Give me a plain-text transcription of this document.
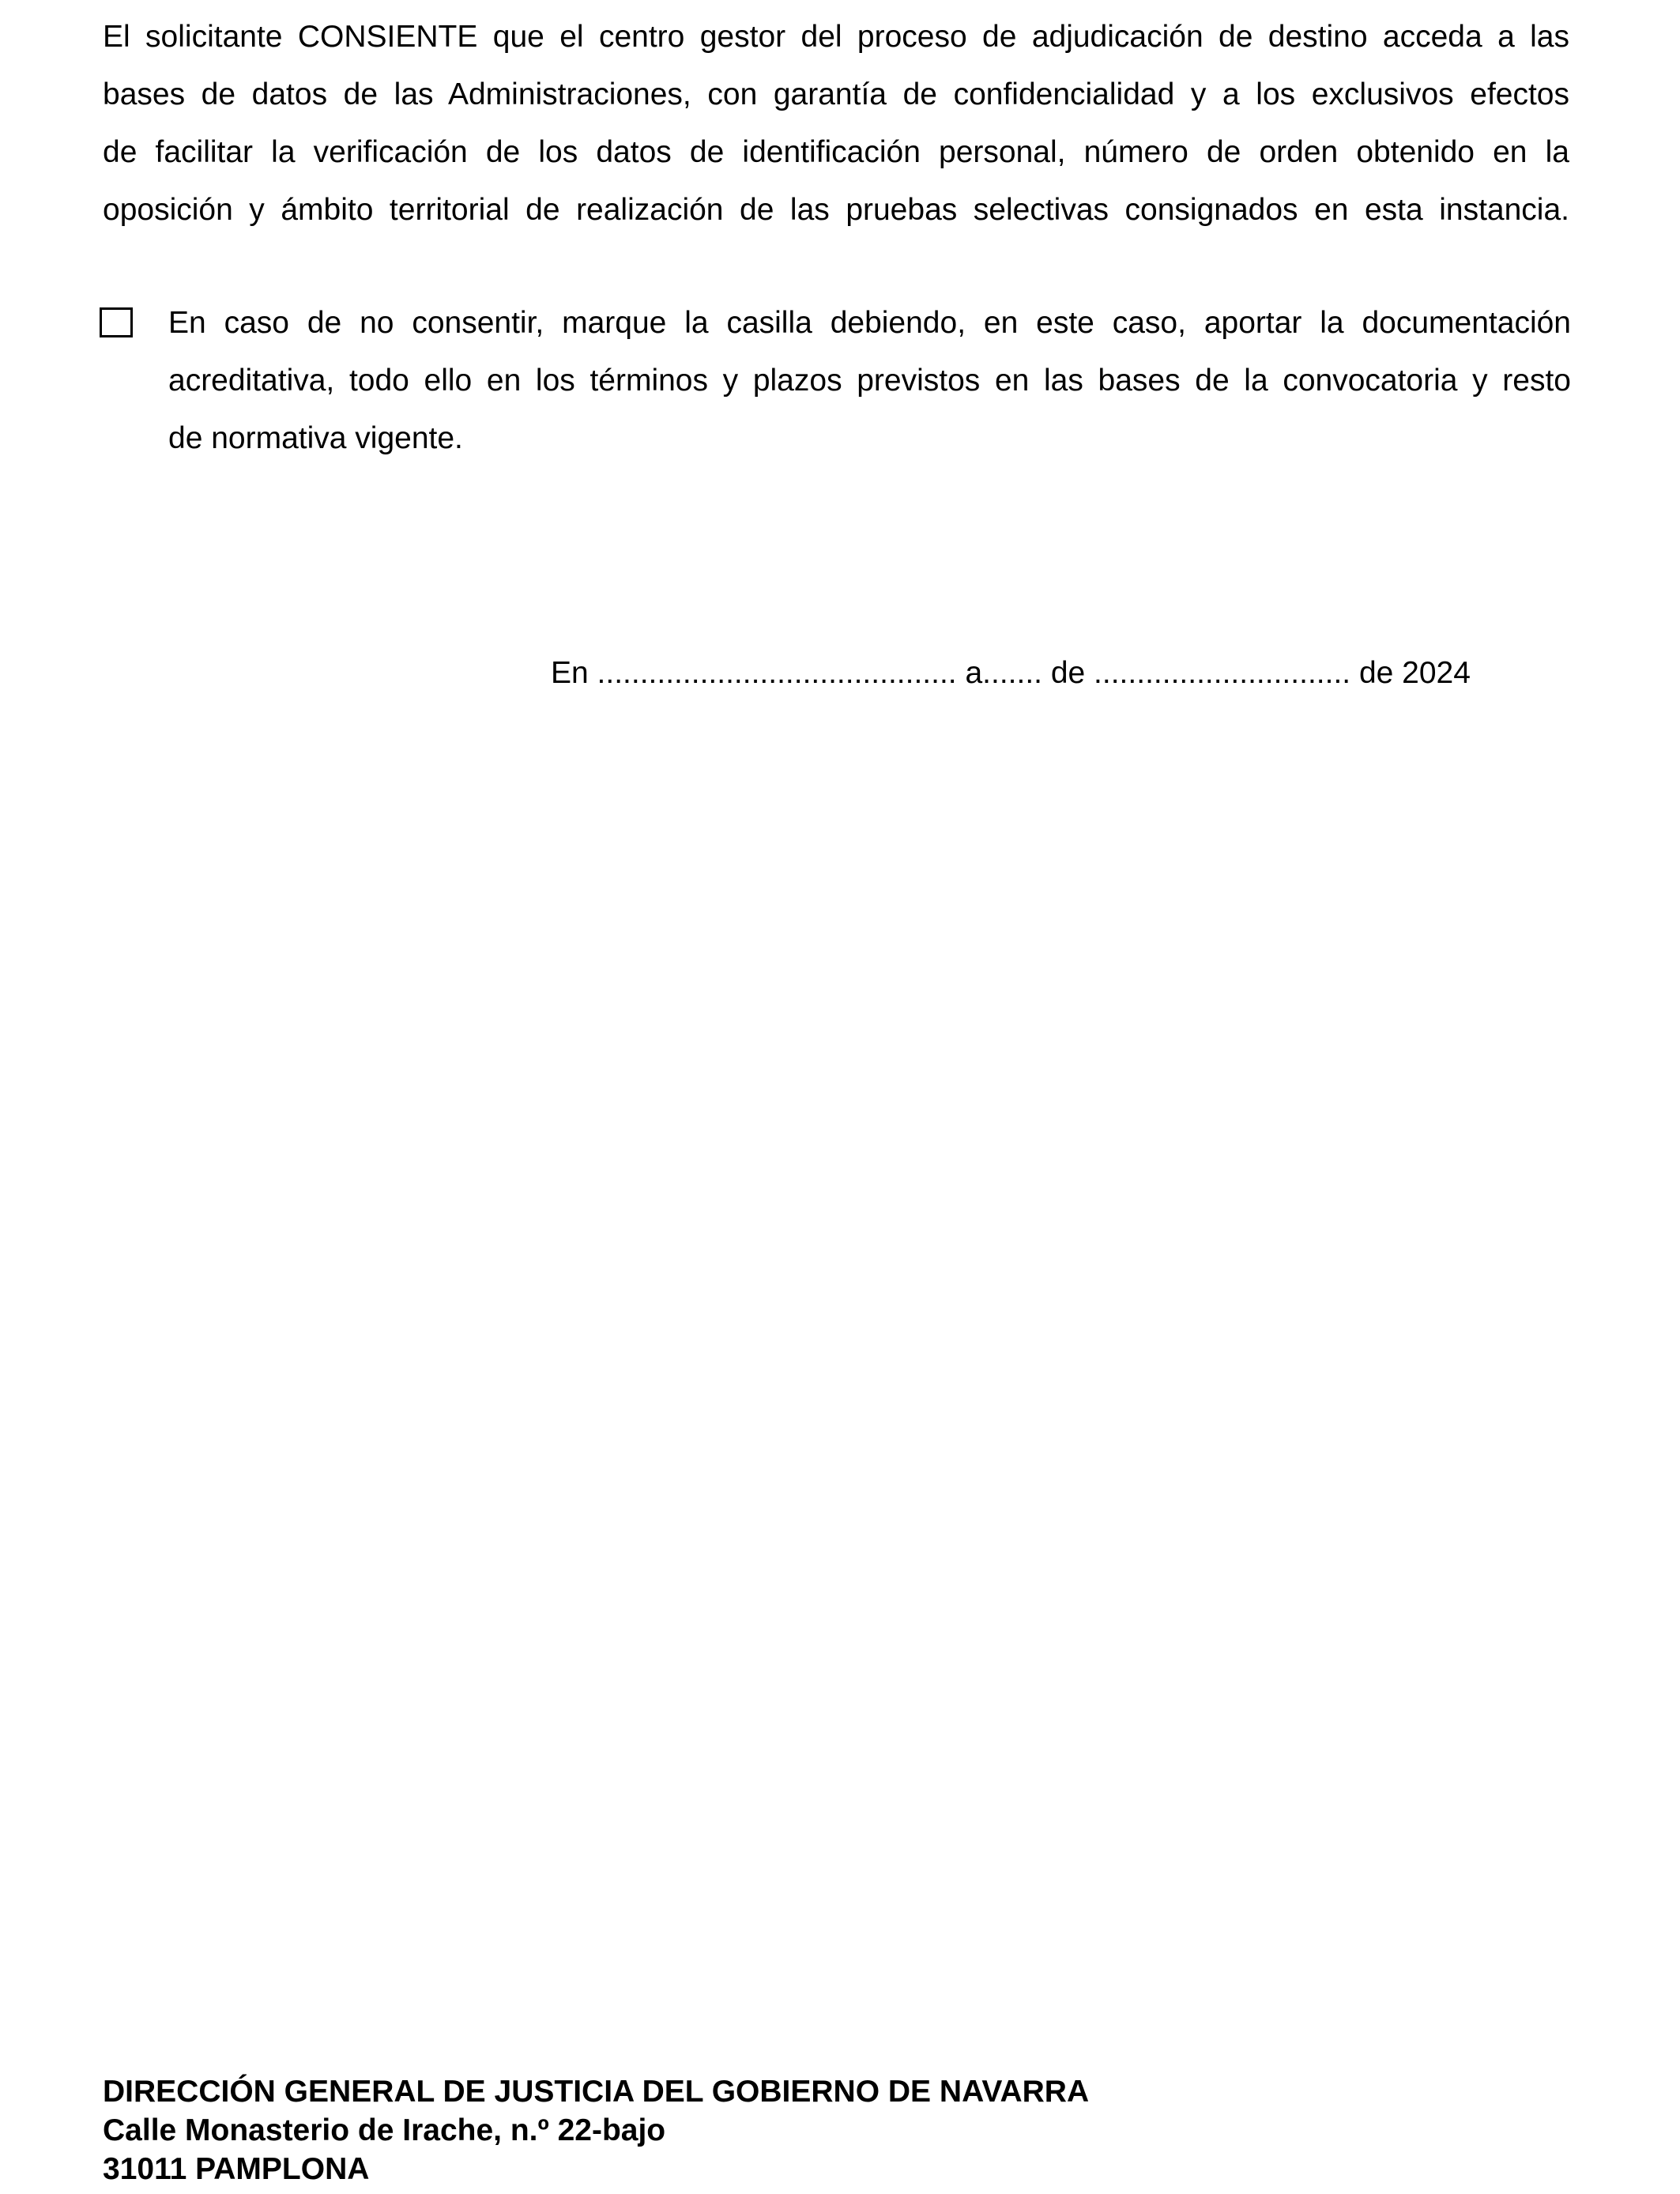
El solicitante CONSIENTE que el centro gestor del proceso de adjudicación de destino acceda a las
bases de datos de las Administraciones, con garantía de confidencialidad y a los exclusivos efectos
de facilitar la verificación de los datos de identificación personal, número de orden obtenido en la
oposición y ámbito territorial de realización de las pruebas selectivas consignados en esta instancia.
En caso de no consentir, marque la casilla debiendo, en este caso, aportar la documentación
acreditativa, todo ello en los términos y plazos previstos en las bases de la convocatoria y resto
de normativa vigente.

En .......................................... a....... de .............................. de 2024

DIRECCIÓN GENERAL DE JUSTICIA DEL GOBIERNO DE NAVARRA
Calle Monasterio de Irache, n.º 22-bajo
31011 PAMPLONA
